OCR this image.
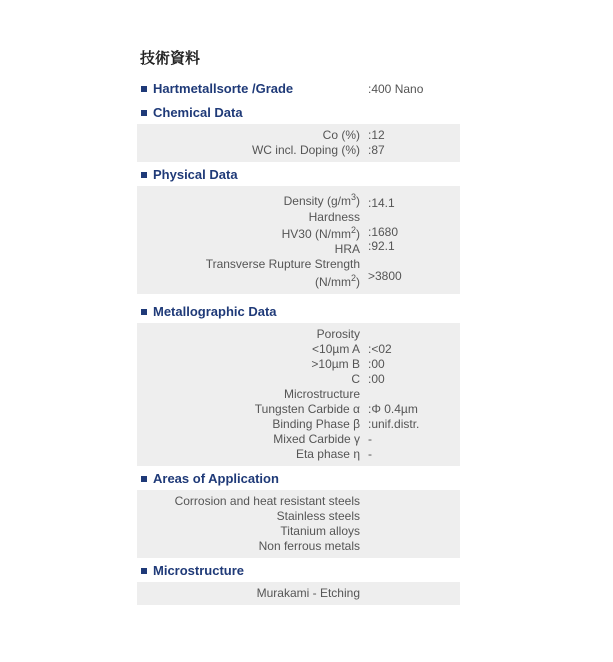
技術資料
Hartmetallsorte /Grade	:400 Nano
Chemical Data
Co (%) :12
WC incl. Doping (%) :87
Physical Data
Density $(g/m^3)$ :14.1
Hardness
HV30 $(N/mm^2)$ :1680
HRA :92.1
Transverse Rupture Strength
$(N/mm^2) >3800$
Metallographic Data
Porosity
<10µm A :<02
>10µm B :00
C :00
Microstructure
Tungsten Carbide α :Φ 0.4µm
Binding Phase β :unif.distr.
Mixed Carbide γ -
Eta phase η -
Areas of Application
Corrosion and heat resistant steels
Stainless steels
Titanium alloys
Non ferrous metals
Microstructure
Murakami - Etching
